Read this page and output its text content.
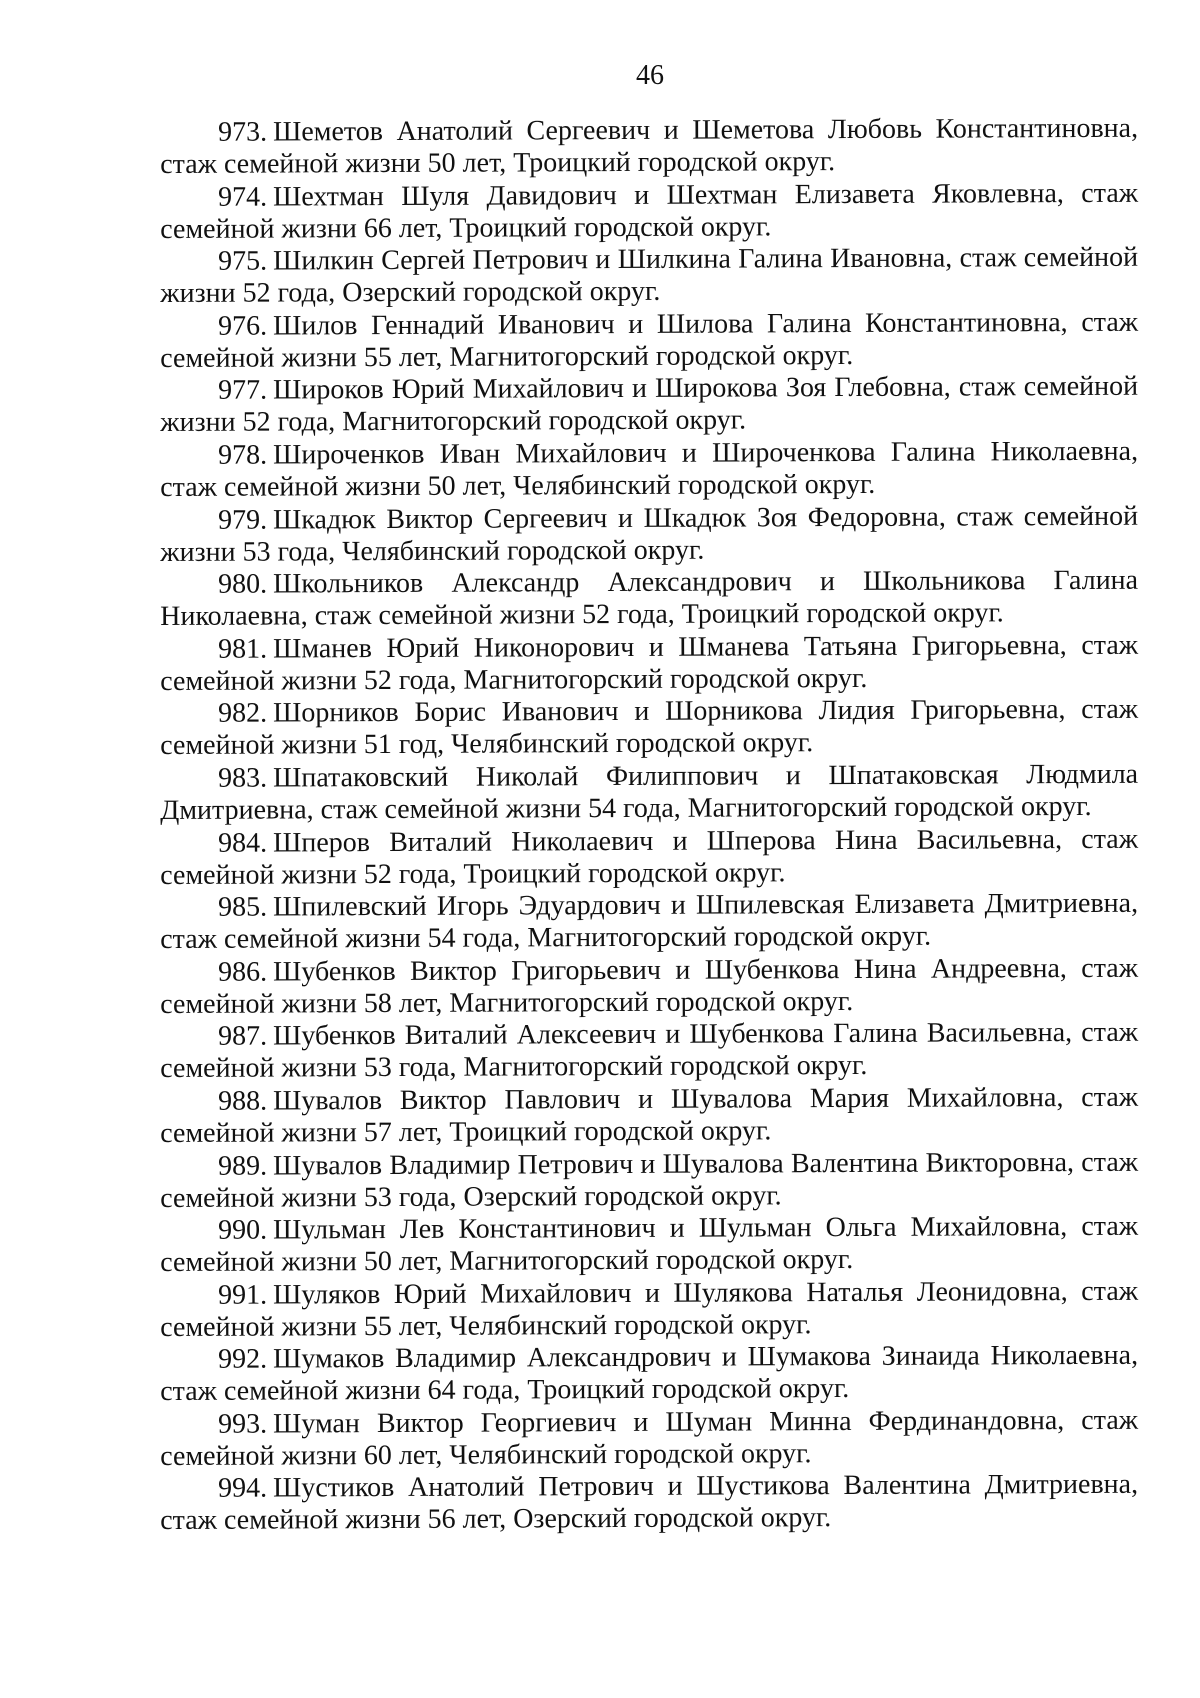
46
973. Шеметов Анатолий Сергеевич и Шеметова Любовь Константиновна, стаж семейной жизни 50 лет, Троицкий городской округ.
974. Шехтман Шуля Давидович и Шехтман Елизавета Яковлевна, стаж семейной жизни 66 лет, Троицкий городской округ.
975. Шилкин Сергей Петрович и Шилкина Галина Ивановна, стаж семейной жизни 52 года, Озерский городской округ.
976. Шилов Геннадий Иванович и Шилова Галина Константиновна, стаж семейной жизни 55 лет, Магнитогорский городской округ.
977. Широков Юрий Михайлович и Широкова Зоя Глебовна, стаж семейной жизни 52 года, Магнитогорский городской округ.
978. Широченков Иван Михайлович и Широченкова Галина Николаевна, стаж семейной жизни 50 лет, Челябинский городской округ.
979. Шкадюк Виктор Сергеевич и Шкадюк Зоя Федоровна, стаж семейной жизни 53 года, Челябинский городской округ.
980. Школьников Александр Александрович и Школьникова Галина Николаевна, стаж семейной жизни 52 года, Троицкий городской округ.
981. Шманев Юрий Никонорович и Шманева Татьяна Григорьевна, стаж семейной жизни 52 года, Магнитогорский городской округ.
982. Шорников Борис Иванович и Шорникова Лидия Григорьевна, стаж семейной жизни 51 год, Челябинский городской округ.
983. Шпатаковский Николай Филиппович и Шпатаковская Людмила Дмитриевна, стаж семейной жизни 54 года, Магнитогорский городской округ.
984. Шперов Виталий Николаевич и Шперова Нина Васильевна, стаж семейной жизни 52 года, Троицкий городской округ.
985. Шпилевский Игорь Эдуардович и Шпилевская Елизавета Дмитриевна, стаж семейной жизни 54 года, Магнитогорский городской округ.
986. Шубенков Виктор Григорьевич и Шубенкова Нина Андреевна, стаж семейной жизни 58 лет, Магнитогорский городской округ.
987. Шубенков Виталий Алексеевич и Шубенкова Галина Васильевна, стаж семейной жизни 53 года, Магнитогорский городской округ.
988. Шувалов Виктор Павлович и Шувалова Мария Михайловна, стаж семейной жизни 57 лет, Троицкий городской округ.
989. Шувалов Владимир Петрович и Шувалова Валентина Викторовна, стаж семейной жизни 53 года, Озерский городской округ.
990. Шульман Лев Константинович и Шульман Ольга Михайловна, стаж семейной жизни 50 лет, Магнитогорский городской округ.
991. Шуляков Юрий Михайлович и Шулякова Наталья Леонидовна, стаж семейной жизни 55 лет, Челябинский городской округ.
992. Шумаков Владимир Александрович и Шумакова Зинаида Николаевна, стаж семейной жизни 64 года, Троицкий городской округ.
993. Шуман Виктор Георгиевич и Шуман Минна Фердинандовна, стаж семейной жизни 60 лет, Челябинский городской округ.
994. Шустиков Анатолий Петрович и Шустикова Валентина Дмитриевна, стаж семейной жизни 56 лет, Озерский городской округ.
